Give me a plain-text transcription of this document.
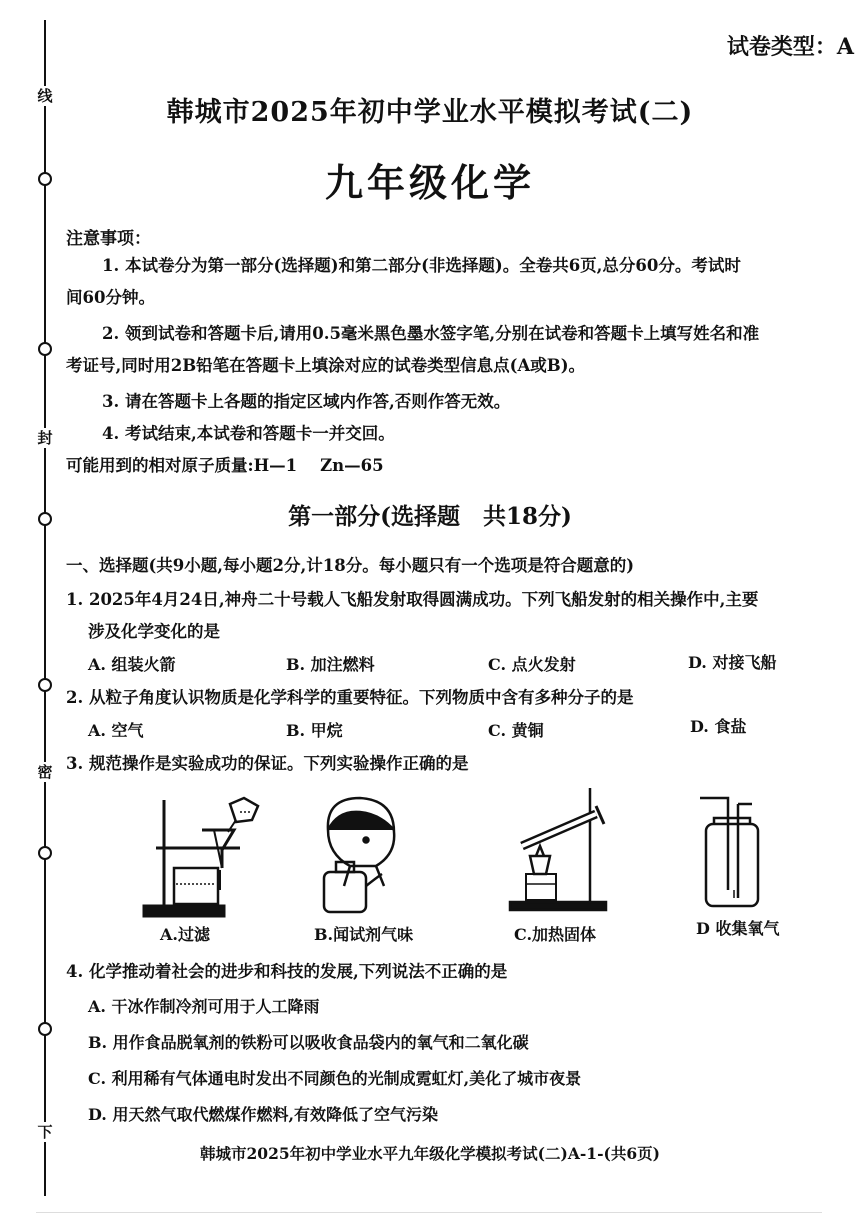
线
封
密
下
试卷类型：A
韩城市2025年初中学业水平模拟考试(二)
九年级化学
注意事项：
1. 本试卷分为第一部分(选择题)和第二部分(非选择题)。全卷共6页,总分60分。考试时
间60分钟。
2. 领到试卷和答题卡后,请用0.5毫米黑色墨水签字笔,分别在试卷和答题卡上填写姓名和准
考证号,同时用2B铅笔在答题卡上填涂对应的试卷类型信息点(A或B)。
3. 请在答题卡上各题的指定区域内作答,否则作答无效。
4. 考试结束,本试卷和答题卡一并交回。
可能用到的相对原子质量:H—1    Zn—65
第一部分(选择题　共18分)
一、选择题(共9小题,每小题2分,计18分。每小题只有一个选项是符合题意的)
1. 2025年4月24日,神舟二十号载人飞船发射取得圆满成功。下列飞船发射的相关操作中,主要
涉及化学变化的是
A. 组装火箭	B. 加注燃料	C. 点火发射	D. 对接飞船
2. 从粒子角度认识物质是化学科学的重要特征。下列物质中含有多种分子的是
A. 空气	B. 甲烷	C. 黄铜	D. 食盐
3. 规范操作是实验成功的保证。下列实验操作正确的是
A.过滤	B.闻试剂气味	C.加热固体	D 收集氧气
4. 化学推动着社会的进步和科技的发展,下列说法不正确的是
A. 干冰作制冷剂可用于人工降雨
B. 用作食品脱氧剂的铁粉可以吸收食品袋内的氧气和二氧化碳
C. 利用稀有气体通电时发出不同颜色的光制成霓虹灯,美化了城市夜景
D. 用天然气取代燃煤作燃料,有效降低了空气污染
韩城市2025年初中学业水平九年级化学模拟考试(二)A-1-(共6页)
